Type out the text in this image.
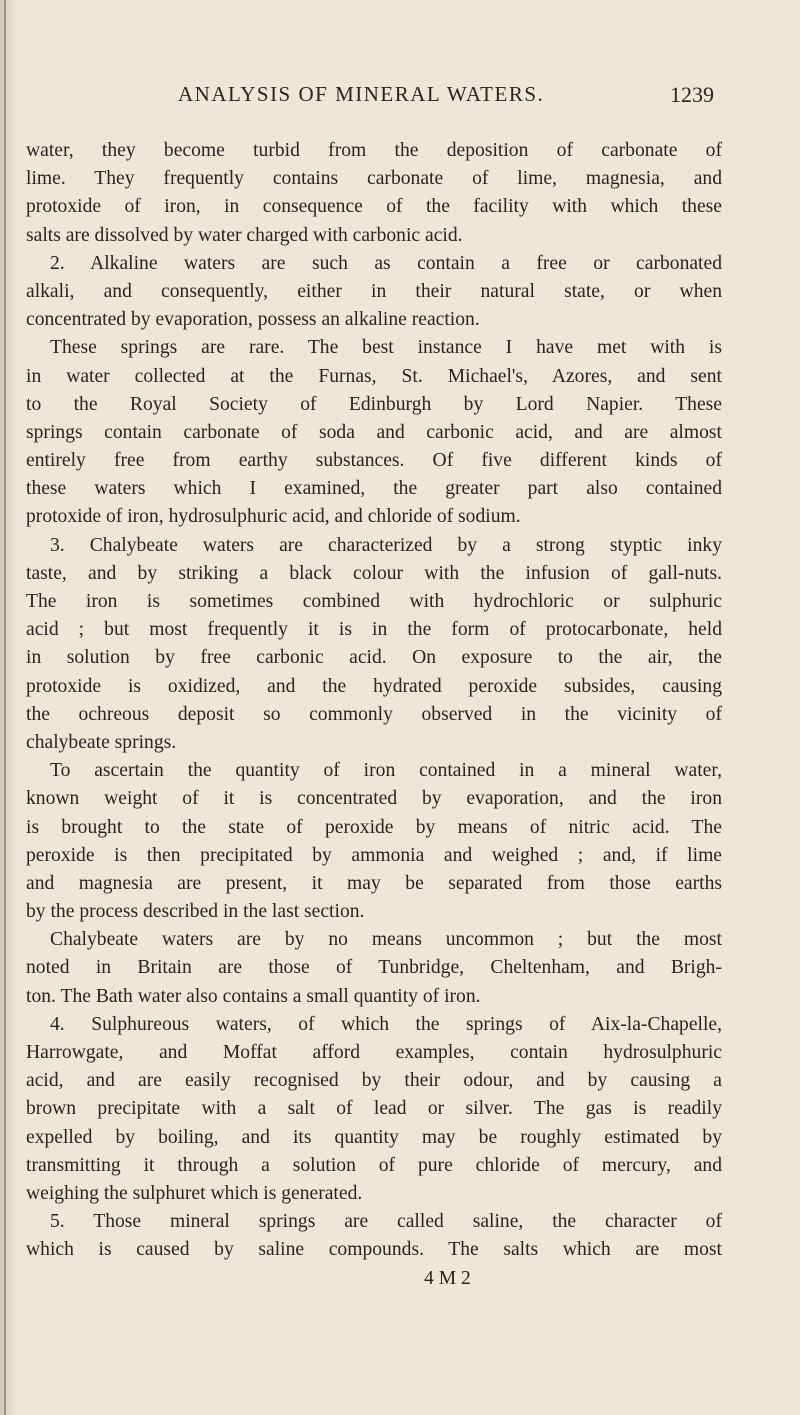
ANALYSIS OF MINERAL WATERS.	1239
water, they become turbid from the deposition of carbonate of
lime. They frequently contains carbonate of lime, magnesia, and
protoxide of iron, in consequence of the facility with which these
salts are dissolved by water charged with carbonic acid.
2. Alkaline waters are such as contain a free or carbonated
alkali, and consequently, either in their natural state, or when
concentrated by evaporation, possess an alkaline reaction.
These springs are rare. The best instance I have met with is
in water collected at the Furnas, St. Michael's, Azores, and sent
to the Royal Society of Edinburgh by Lord Napier. These
springs contain carbonate of soda and carbonic acid, and are almost
entirely free from earthy substances. Of five different kinds of
these waters which I examined, the greater part also contained
protoxide of iron, hydrosulphuric acid, and chloride of sodium.
3. Chalybeate waters are characterized by a strong styptic inky
taste, and by striking a black colour with the infusion of gall-nuts.
The iron is sometimes combined with hydrochloric or sulphuric
acid ; but most frequently it is in the form of protocarbonate, held
in solution by free carbonic acid. On exposure to the air, the
protoxide is oxidized, and the hydrated peroxide subsides, causing
the ochreous deposit so commonly observed in the vicinity of
chalybeate springs.
To ascertain the quantity of iron contained in a mineral water,
known weight of it is concentrated by evaporation, and the iron
is brought to the state of peroxide by means of nitric acid. The
peroxide is then precipitated by ammonia and weighed ; and, if lime
and magnesia are present, it may be separated from those earths
by the process described in the last section.
Chalybeate waters are by no means uncommon ; but the most
noted in Britain are those of Tunbridge, Cheltenham, and Brigh-
ton. The Bath water also contains a small quantity of iron.
4. Sulphureous waters, of which the springs of Aix-la-Chapelle,
Harrowgate, and Moffat afford examples, contain hydrosulphuric
acid, and are easily recognised by their odour, and by causing a
brown precipitate with a salt of lead or silver. The gas is readily
expelled by boiling, and its quantity may be roughly estimated by
transmitting it through a solution of pure chloride of mercury, and
weighing the sulphuret which is generated.
5. Those mineral springs are called saline, the character of
which is caused by saline compounds. The salts which are most
4 M 2
